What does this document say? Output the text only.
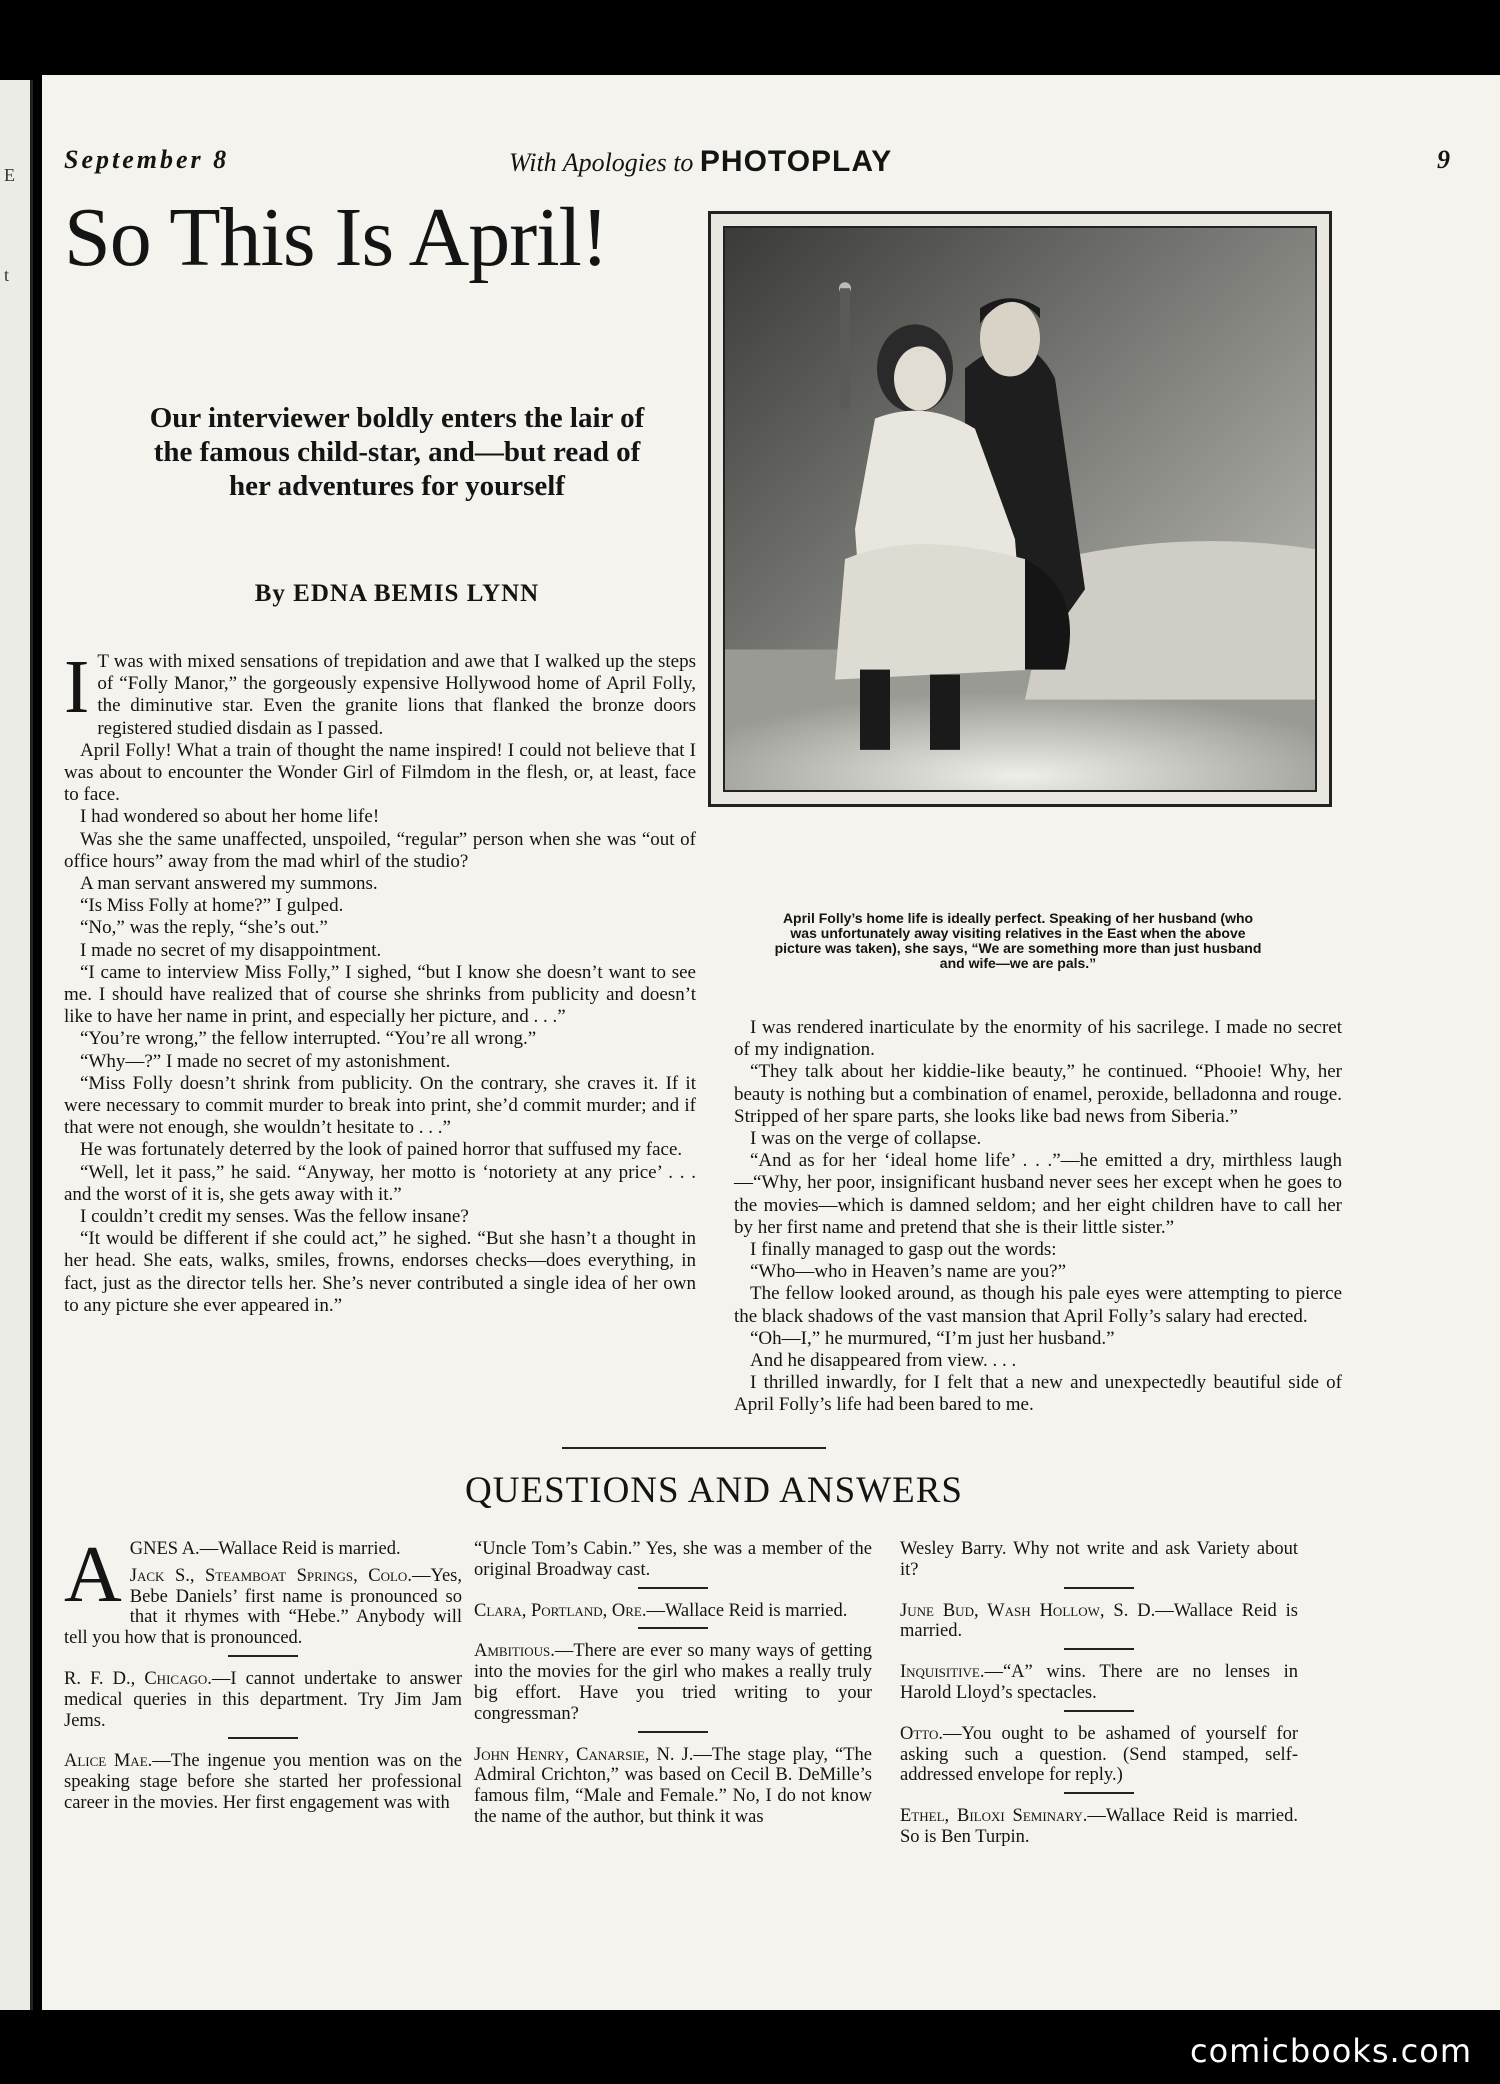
E
t
September 8	With Apologies to PHOTOPLAY	9
So This Is April!
Our interviewer boldly enters the lair of the famous child-star, and—but read of her adventures for yourself
By EDNA BEMIS LYNN

I T was with mixed sensations of trepidation and awe that I walked up the steps of “Folly Manor,” the gorgeously expensive Hollywood home of April Folly, the diminutive star. Even the granite lions that flanked the bronze doors registered studied disdain as I passed.

April Folly! What a train of thought the name inspired! I could not believe that I was about to encounter the Wonder Girl of Filmdom in the flesh, or, at least, face to face.

I had wondered so about her home life!

Was she the same unaffected, unspoiled, “regular” person when she was “out of office hours” away from the mad whirl of the studio?

A man servant answered my summons.

“Is Miss Folly at home?” I gulped.

“No,” was the reply, “she’s out.”

I made no secret of my disappointment.

“I came to interview Miss Folly,” I sighed, “but I know she doesn’t want to see me. I should have realized that of course she shrinks from publicity and doesn’t like to have her name in print, and especially her picture, and . . .”

“You’re wrong,” the fellow interrupted. “You’re all wrong.”

“Why—?” I made no secret of my astonishment.

“Miss Folly doesn’t shrink from publicity. On the contrary, she craves it. If it were necessary to commit murder to break into print, she’d commit murder; and if that were not enough, she wouldn’t hesitate to . . .”

He was fortunately deterred by the look of pained horror that suffused my face.

“Well, let it pass,” he said. “Anyway, her motto is ‘notoriety at any price’ . . . and the worst of it is, she gets away with it.”

I couldn’t credit my senses. Was the fellow insane?

“It would be different if she could act,” he sighed. “But she hasn’t a thought in her head. She eats, walks, smiles, frowns, endorses checks—does everything, in fact, just as the director tells her. She’s never contributed a single idea of her own to any picture she ever appeared in.”

April Folly’s home life is ideally perfect. Speaking of her husband (who was unfortunately away visiting relatives in the East when the above picture was taken), she says, “We are something more than just husband and wife—we are pals.”

I was rendered inarticulate by the enormity of his sacrilege. I made no secret of my indignation.

“They talk about her kiddie-like beauty,” he continued. “Phooie! Why, her beauty is nothing but a combination of enamel, peroxide, belladonna and rouge. Stripped of her spare parts, she looks like bad news from Siberia.”

I was on the verge of collapse.

“And as for her ‘ideal home life’ . . .”—he emitted a dry, mirthless laugh—“Why, her poor, insignificant husband never sees her except when he goes to the movies—which is damned seldom; and her eight children have to call her by her first name and pretend that she is their little sister.”

I finally managed to gasp out the words:

“Who—who in Heaven’s name are you?”

The fellow looked around, as though his pale eyes were attempting to pierce the black shadows of the vast mansion that April Folly’s salary had erected.

“Oh—I,” he murmured, “I’m just her husband.”

And he disappeared from view. . . .

I thrilled inwardly, for I felt that a new and unexpectedly beautiful side of April Folly’s life had been bared to me.

QUESTIONS AND ANSWERS

AGNES A.—Wallace Reid is married.

Jack S., Steamboat Springs, Colo.—Yes, Bebe Daniels’ first name is pronounced so that it rhymes with “Hebe.” Anybody will tell you how that is pronounced.

R. F. D., Chicago.—I cannot undertake to answer medical queries in this department. Try Jim Jam Jems.

Alice Mae.—The ingenue you mention was on the speaking stage before she started her professional career in the movies. Her first engagement was with

“Uncle Tom’s Cabin.” Yes, she was a member of the original Broadway cast.

Clara, Portland, Ore.—Wallace Reid is married.

Ambitious.—There are ever so many ways of getting into the movies for the girl who makes a really truly big effort. Have you tried writing to your congressman?

John Henry, Canarsie, N. J.—The stage play, “The Admiral Crichton,” was based on Cecil B. DeMille’s famous film, “Male and Female.” No, I do not know the name of the author, but think it was

Wesley Barry. Why not write and ask Variety about it?

June Bud, Wash Hollow, S. D.—Wallace Reid is married.

Inquisitive.—“A” wins. There are no lenses in Harold Lloyd’s spectacles.

Otto.—You ought to be ashamed of yourself for asking such a question. (Send stamped, self-addressed envelope for reply.)

Ethel, Biloxi Seminary.—Wallace Reid is married. So is Ben Turpin.

comicbooks.com
